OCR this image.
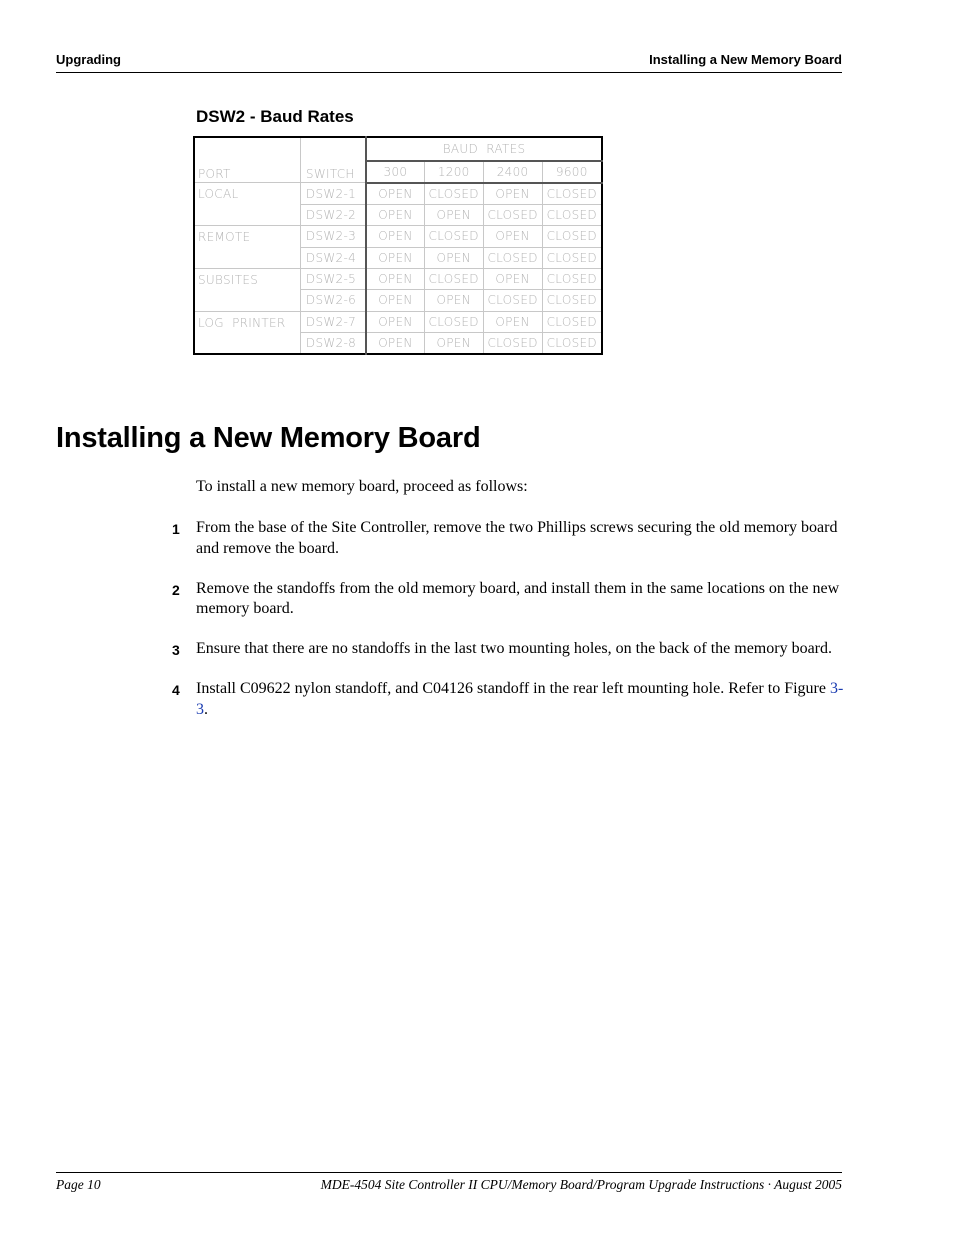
Upgrading	Installing a New Memory Board
DSW2 - Baud Rates
PORT	SWITCH	BAUD  RATES			
		300	1200	2400	9600
LOCAL	DSW2-1	OPEN	CLOSED	OPEN	CLOSED
	DSW2-2	OPEN	OPEN	CLOSED	CLOSED
REMOTE	DSW2-3	OPEN	CLOSED	OPEN	CLOSED
	DSW2-4	OPEN	OPEN	CLOSED	CLOSED
SUBSITES	DSW2-5	OPEN	CLOSED	OPEN	CLOSED
	DSW2-6	OPEN	OPEN	CLOSED	CLOSED
LOG  PRINTER	DSW2-7	OPEN	CLOSED	OPEN	CLOSED
	DSW2-8	OPEN	OPEN	CLOSED	CLOSED
Installing a New Memory Board

To install a new memory board, proceed as follows:

1 From the base of the Site Controller, remove the two Phillips screws securing the old memory board and remove the board.
2 Remove the standoffs from the old memory board, and install them in the same locations on the new memory board.
3 Ensure that there are no standoffs in the last two mounting holes, on the back of the memory board.
4 Install C09622 nylon standoff, and C04126 standoff in the rear left mounting hole. Refer to Figure 3-3.
Page 10	MDE-4504 Site Controller II CPU/Memory Board/Program Upgrade Instructions · August 2005
